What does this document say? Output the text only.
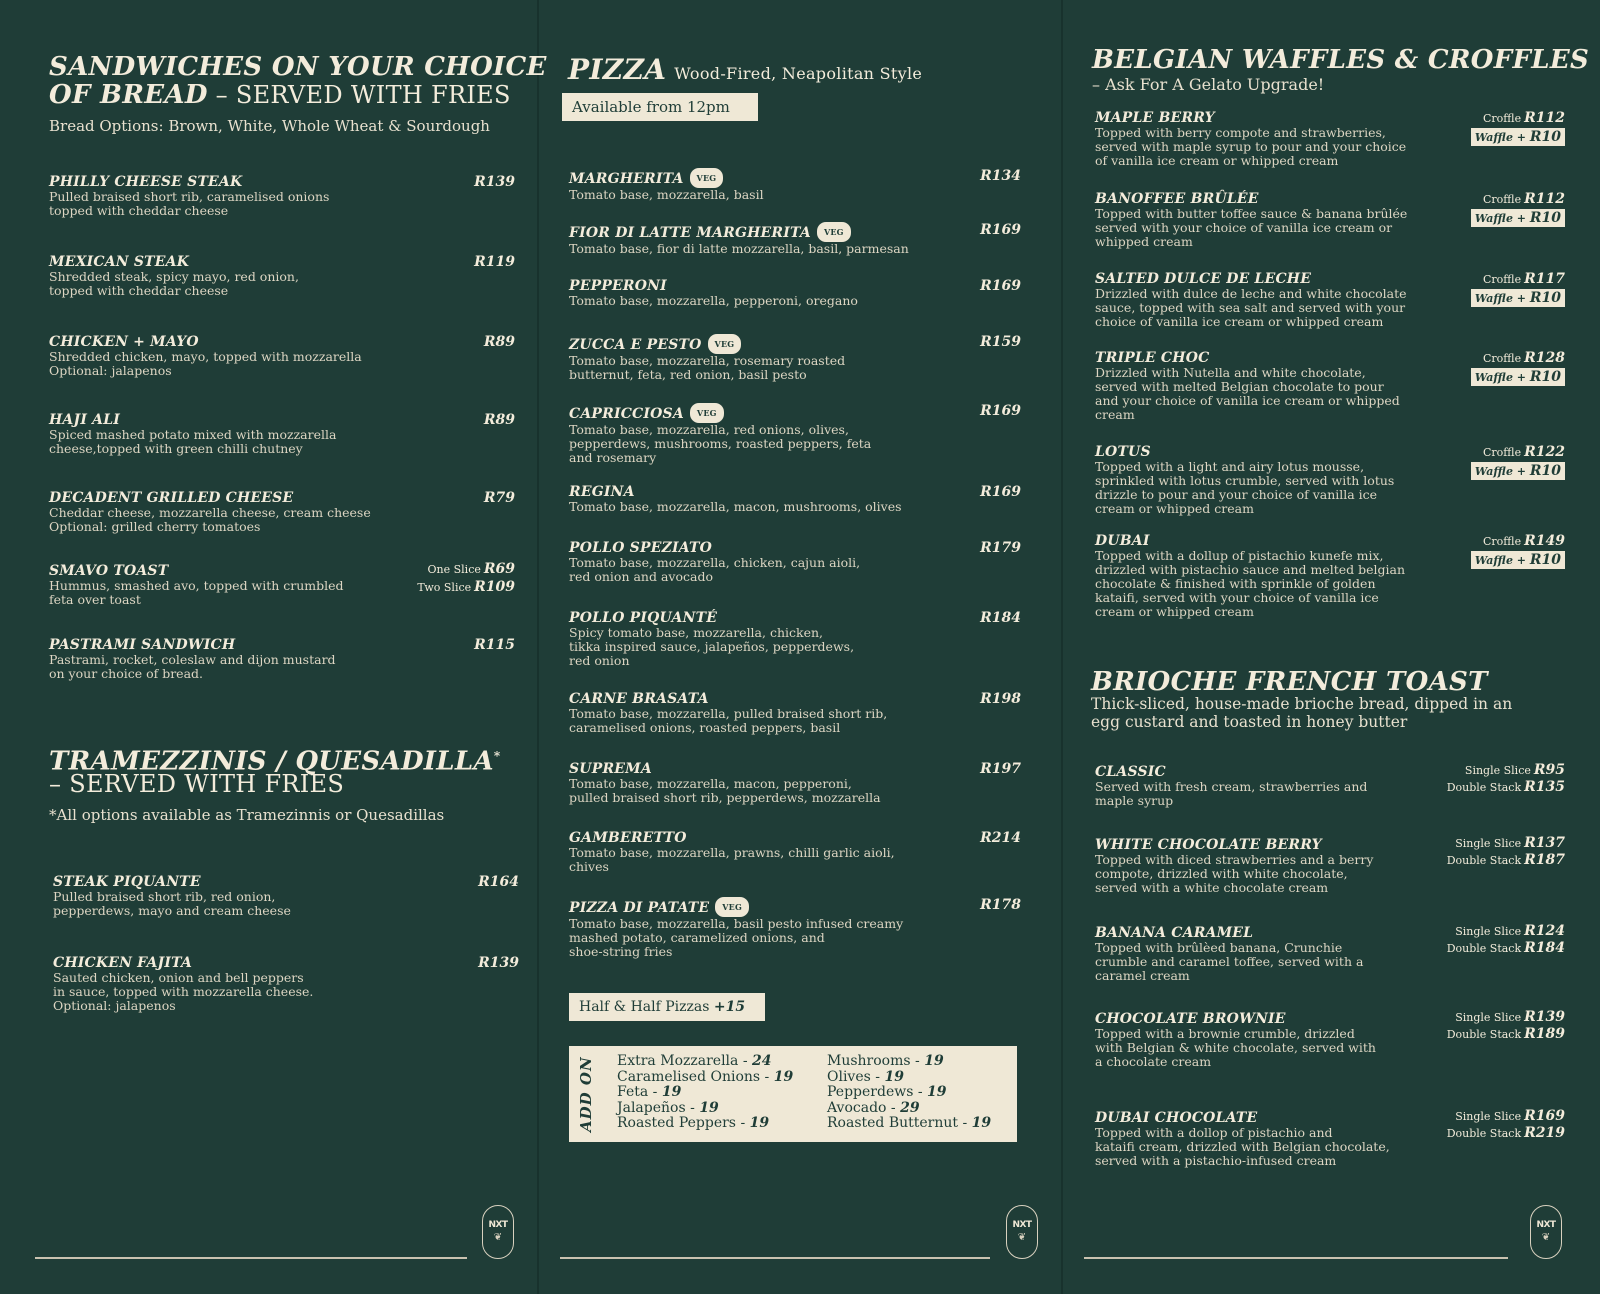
SANDWICHES ON YOUR CHOICE
OF BREAD – SERVED WITH FRIES
Bread Options: Brown, White, Whole Wheat & Sourdough
PHILLY CHEESE STEAK
Pulled braised short rib, caramelised onions
topped with cheddar cheese
R139
MEXICAN STEAK
Shredded steak, spicy mayo, red onion,
topped with cheddar cheese
R119
CHICKEN + MAYO
Shredded chicken, mayo, topped with mozzarella
Optional: jalapenos
R89
HAJI ALI
Spiced mashed potato mixed with mozzarella
cheese,topped with green chilli chutney
R89
DECADENT GRILLED CHEESE
Cheddar cheese, mozzarella cheese, cream cheese
Optional: grilled cherry tomatoes
R79
SMAVO TOAST
Hummus, smashed avo, topped with crumbled
feta over toast
One Slice R69
Two Slice R109
PASTRAMI SANDWICH
Pastrami, rocket, coleslaw and dijon mustard
on your choice of bread.
R115
TRAMEZZINIS / QUESADILLA*
– SERVED WITH FRIES
*All options available as Tramezinnis or Quesadillas
STEAK PIQUANTE
Pulled braised short rib, red onion,
pepperdews, mayo and cream cheese
R164
CHICKEN FAJITA
Sauted chicken, onion and bell peppers
in sauce, topped with mozzarella cheese.
Optional: jalapenos
R139
NXT
❦
PIZZA Wood-Fired, Neapolitan Style
Available from 12pm
MARGHERITA VEG
Tomato base, mozzarella, basil
R134
FIOR DI LATTE MARGHERITA VEG
Tomato base, fior di latte mozzarella, basil, parmesan
R169
PEPPERONI
Tomato base, mozzarella, pepperoni, oregano
R169
ZUCCA E PESTO VEG
Tomato base, mozzarella, rosemary roasted
butternut, feta, red onion, basil pesto
R159
CAPRICCIOSA VEG
Tomato base, mozzarella, red onions, olives,
pepperdews, mushrooms, roasted peppers, feta
and rosemary
R169
REGINA
Tomato base, mozzarella, macon, mushrooms, olives
R169
POLLO SPEZIATO
Tomato base, mozzarella, chicken, cajun aioli,
red onion and avocado
R179
POLLO PIQUANTÉ
Spicy tomato base, mozzarella, chicken,
tikka inspired sauce, jalapeños, pepperdews,
red onion
R184
CARNE BRASATA
Tomato base, mozzarella, pulled braised short rib,
caramelised onions, roasted peppers, basil
R198
SUPREMA
Tomato base, mozzarella, macon, pepperoni,
pulled braised short rib, pepperdews, mozzarella
R197
GAMBERETTO
Tomato base, mozzarella, prawns, chilli garlic aioli,
chives
R214
PIZZA DI PATATE VEG
Tomato base, mozzarella, basil pesto infused creamy
mashed potato, caramelized onions, and
shoe-string fries
R178
Half & Half Pizzas +15
ADD ON Extra Mozzarella - 24
Caramelised Onions - 19
Feta - 19
Jalapeños - 19
Roasted Peppers - 19
Mushrooms - 19
Olives - 19
Pepperdews - 19
Avocado - 29
Roasted Butternut - 19
NXT
❦
BELGIAN WAFFLES & CROFFLES
– Ask For A Gelato Upgrade!
MAPLE BERRY
Topped with berry compote and strawberries,
served with maple syrup to pour and your choice
of vanilla ice cream or whipped cream
Croffle R112
Waffle + R10
BANOFFEE BRÛLÉE
Topped with butter toffee sauce & banana brûlée
served with your choice of vanilla ice cream or
whipped cream
Croffle R112
Waffle + R10
SALTED DULCE DE LECHE
Drizzled with dulce de leche and white chocolate
sauce, topped with sea salt and served with your
choice of vanilla ice cream or whipped cream
Croffle R117
Waffle + R10
TRIPLE CHOC
Drizzled with Nutella and white chocolate,
served with melted Belgian chocolate to pour
and your choice of vanilla ice cream or whipped
cream
Croffle R128
Waffle + R10
LOTUS
Topped with a light and airy lotus mousse,
sprinkled with lotus crumble, served with lotus
drizzle to pour and your choice of vanilla ice
cream or whipped cream
Croffle R122
Waffle + R10
DUBAI
Topped with a dollup of pistachio kunefe mix,
drizzled with pistachio sauce and melted belgian
chocolate & finished with sprinkle of golden
kataifi, served with your choice of vanilla ice
cream or whipped cream
Croffle R149
Waffle + R10
BRIOCHE FRENCH TOAST
Thick-sliced, house-made brioche bread, dipped in an
egg custard and toasted in honey butter
CLASSIC
Served with fresh cream, strawberries and
maple syrup
Single Slice R95
Double Stack R135
WHITE CHOCOLATE BERRY
Topped with diced strawberries and a berry
compote, drizzled with white chocolate,
served with a white chocolate cream
Single Slice R137
Double Stack R187
BANANA CARAMEL
Topped with brûlèed banana, Crunchie
crumble and caramel toffee, served with a
caramel cream
Single Slice R124
Double Stack R184
CHOCOLATE BROWNIE
Topped with a brownie crumble, drizzled
with Belgian & white chocolate, served with
a chocolate cream
Single Slice R139
Double Stack R189
DUBAI CHOCOLATE
Topped with a dollop of pistachio and
kataifi cream, drizzled with Belgian chocolate,
served with a pistachio-infused cream
Single Slice R169
Double Stack R219
NXT
❦
